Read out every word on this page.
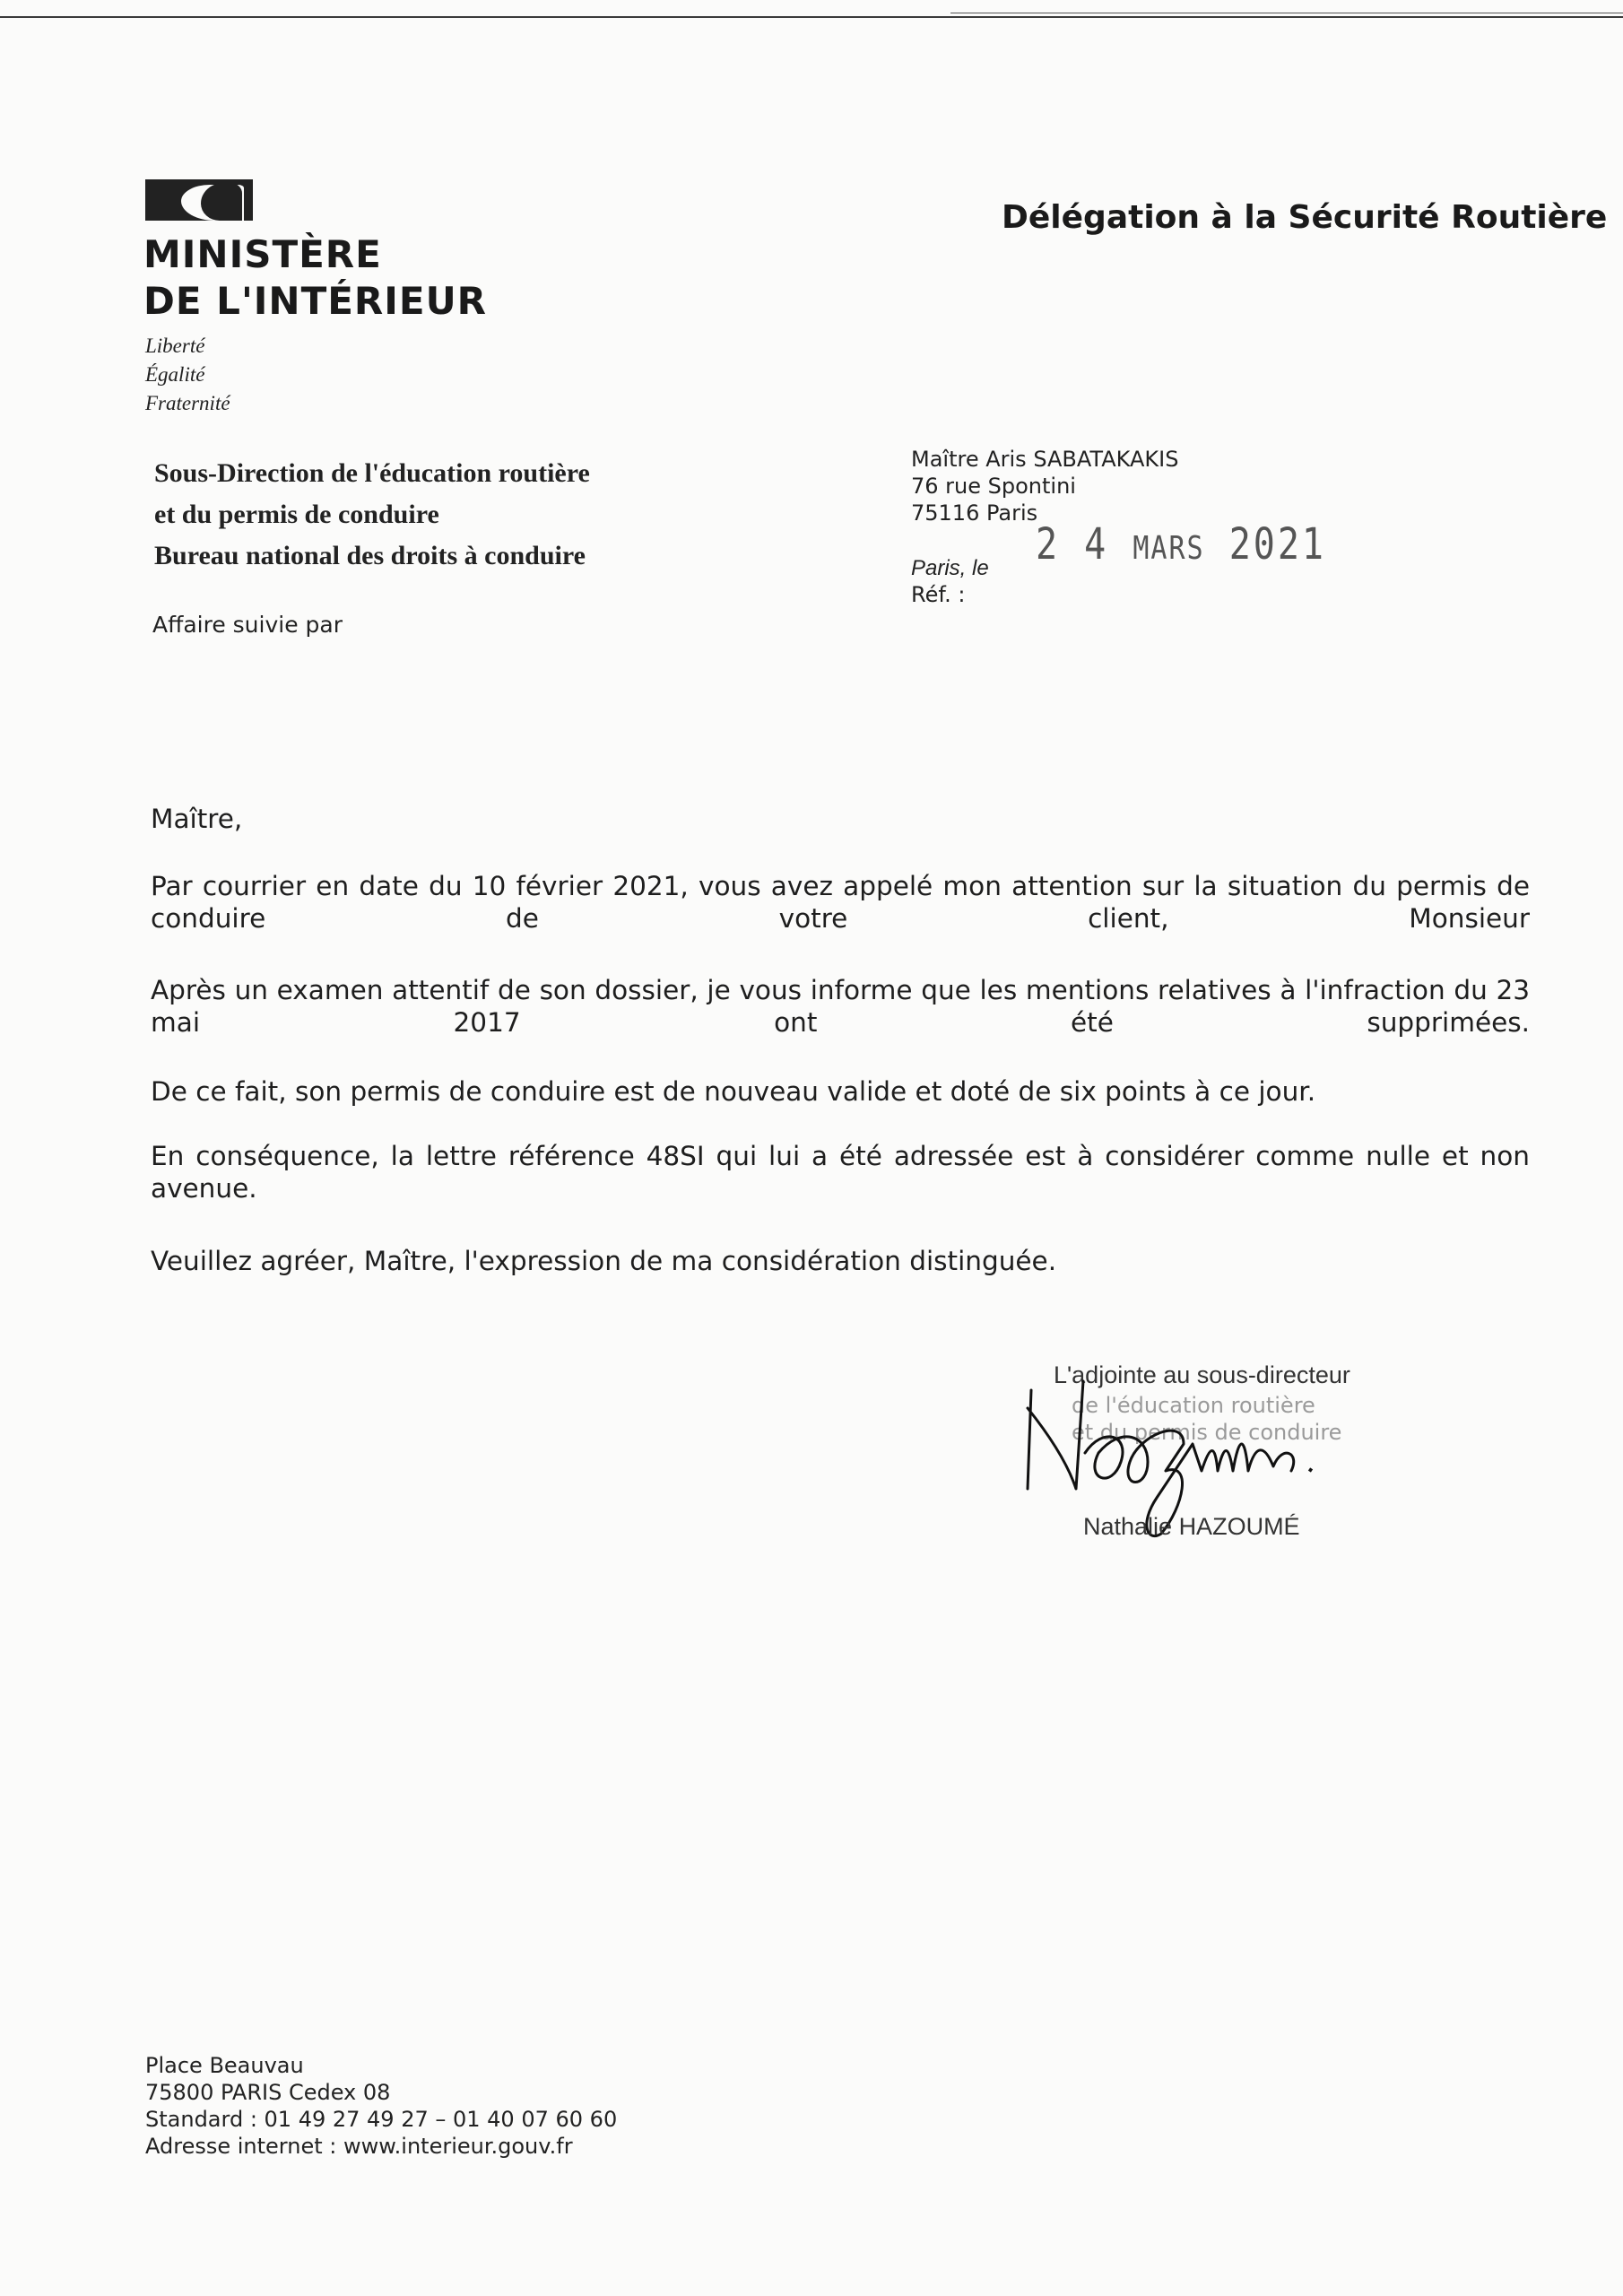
MINISTÈRE
DE L'INTÉRIEUR
Liberté
Égalité
Fraternité
Délégation à la Sécurité Routière
Sous-Direction de l'éducation routière
et du permis de conduire
Bureau national des droits à conduire
Affaire suivie par
Maître Aris SABATAKAKIS
76 rue Spontini
75116 Paris
Paris, le
Réf. :
2 4 MARS 2021
Maître,
Par courrier en date du 10 février 2021, vous avez appelé mon attention sur la situation du permis de conduire de votre client, Monsieur
Après un examen attentif de son dossier, je vous informe que les mentions relatives à l'infraction du 23 mai 2017 ont été supprimées.
De ce fait, son permis de conduire est de nouveau valide et doté de six points à ce jour.
En conséquence, la lettre référence 48SI qui lui a été adressée est à considérer comme nulle et non avenue.
Veuillez agréer, Maître, l'expression de ma considération distinguée.
L'adjointe au sous-directeur
de l'éducation routière
et du permis de conduire
Nathalie HAZOUMÉ
Place Beauvau
75800 PARIS Cedex 08
Standard : 01 49 27 49 27 – 01 40 07 60 60
Adresse internet : www.interieur.gouv.fr
